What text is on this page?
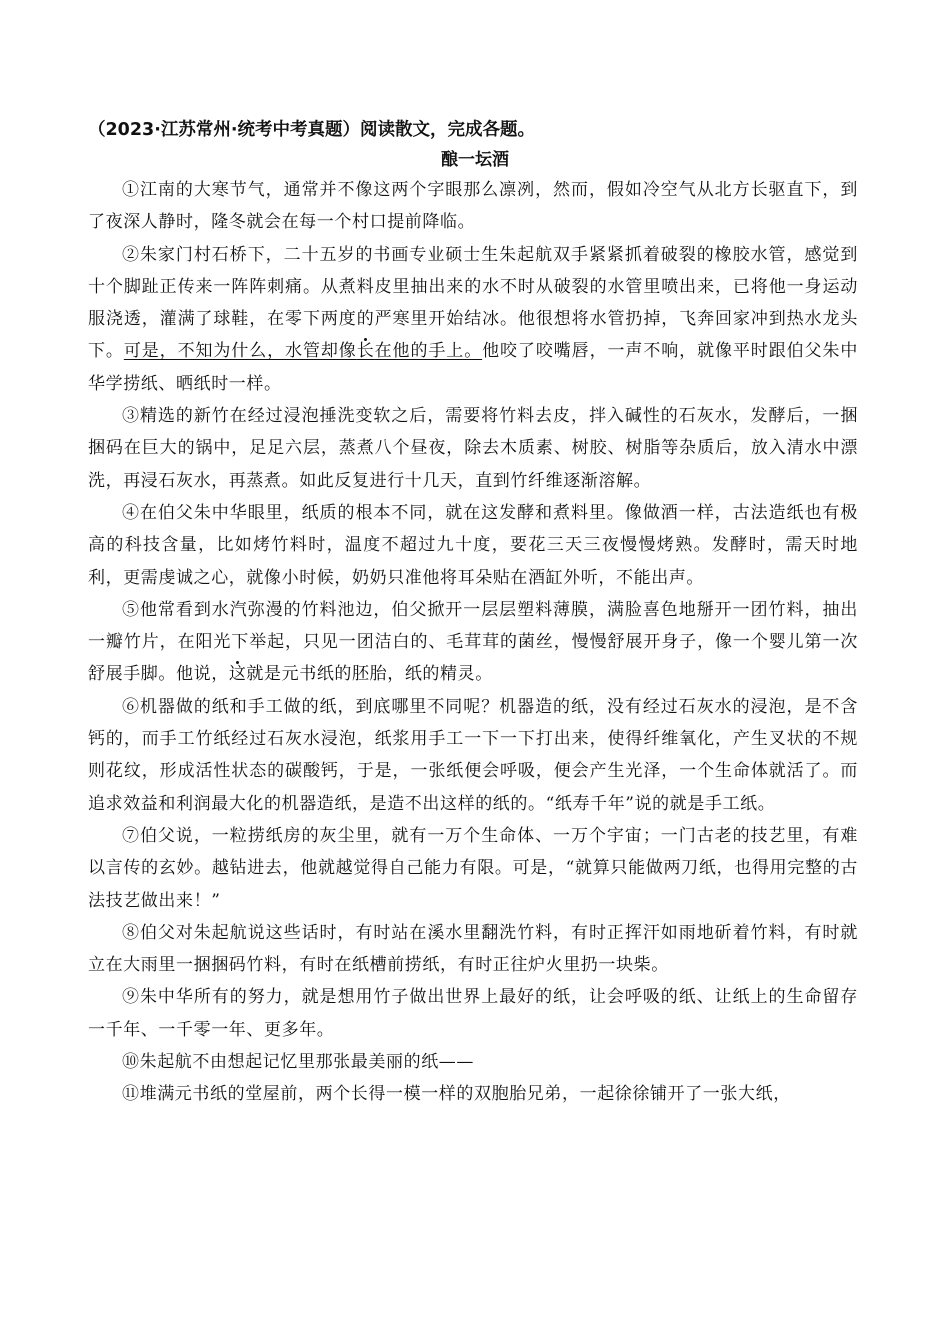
（2023·江苏常州·统考中考真题）阅读散文，完成各题。
酿一坛酒

①江南的大寒节气，通常并不像这两个字眼那么凛冽，然而，假如冷空气从北方长驱直下，到了夜深人静时，隆冬就会在每一个村口提前降临。

②朱家门村石桥下，二十五岁的书画专业硕士生朱起航双手紧紧抓着破裂的橡胶水管，感觉到十个脚趾正传来一阵阵刺痛。从煮料皮里抽出来的水不时从破裂的水管里喷出来，已将他一身运动服浇透，灌满了球鞋，在零下两度的严寒里开始结冰。他很想将水管扔掉，飞奔回家冲到热水龙头下。可是，不知为什么，水管却像长在他的手上。他咬了咬嘴唇，一声不响，就像平时跟伯父朱中华学捞纸、晒纸时一样。

③精选的新竹在经过浸泡捶洗变软之后，需要将竹料去皮，拌入碱性的石灰水，发酵后，一捆捆码在巨大的锅中，足足六层，蒸煮八个昼夜，除去木质素、树胶、树脂等杂质后，放入清水中漂洗，再浸石灰水，再蒸煮。如此反复进行十几天，直到竹纤维逐渐溶解。

④在伯父朱中华眼里，纸质的根本不同，就在这发酵和煮料里。像做酒一样，古法造纸也有极高的科技含量，比如烤竹料时，温度不超过九十度，要花三天三夜慢慢烤熟。发酵时，需天时地利，更需虔诚之心，就像小时候，奶奶只准他将耳朵贴在酒缸外听，不能出声。

⑤他常看到水汽弥漫的竹料池边，伯父掀开一层层塑料薄膜，满脸喜色地掰开一团竹料，抽出一瓣竹片，在阳光下举起，只见一团洁白的、毛茸茸的菌丝，慢慢舒展开身子，像一个婴儿第一次舒展手脚。他说，这就是元书纸的胚胎，纸的精灵。

⑥机器做的纸和手工做的纸，到底哪里不同呢？机器造的纸，没有经过石灰水的浸泡，是不含钙的，而手工竹纸经过石灰水浸泡，纸浆用手工一下一下打出来，使得纤维氧化，产生叉状的不规则花纹，形成活性状态的碳酸钙，于是，一张纸便会呼吸，便会产生光泽，一个生命体就活了。而追求效益和利润最大化的机器造纸，是造不出这样的纸的。“纸寿千年”说的就是手工纸。

⑦伯父说，一粒捞纸房的灰尘里，就有一万个生命体、一万个宇宙；一门古老的技艺里，有难以言传的玄妙。越钻进去，他就越觉得自己能力有限。可是，“就算只能做两刀纸，也得用完整的古法技艺做出来！”

⑧伯父对朱起航说这些话时，有时站在溪水里翻洗竹料，有时正挥汗如雨地斫着竹料，有时就立在大雨里一捆捆码竹料，有时在纸槽前捞纸，有时正往炉火里扔一块柴。

⑨朱中华所有的努力，就是想用竹子做出世界上最好的纸，让会呼吸的纸、让纸上的生命留存一千年、一千零一年、更多年。

⑩朱起航不由想起记忆里那张最美丽的纸——

⑪堆满元书纸的堂屋前，两个长得一模一样的双胞胎兄弟，一起徐徐铺开了一张大纸，
